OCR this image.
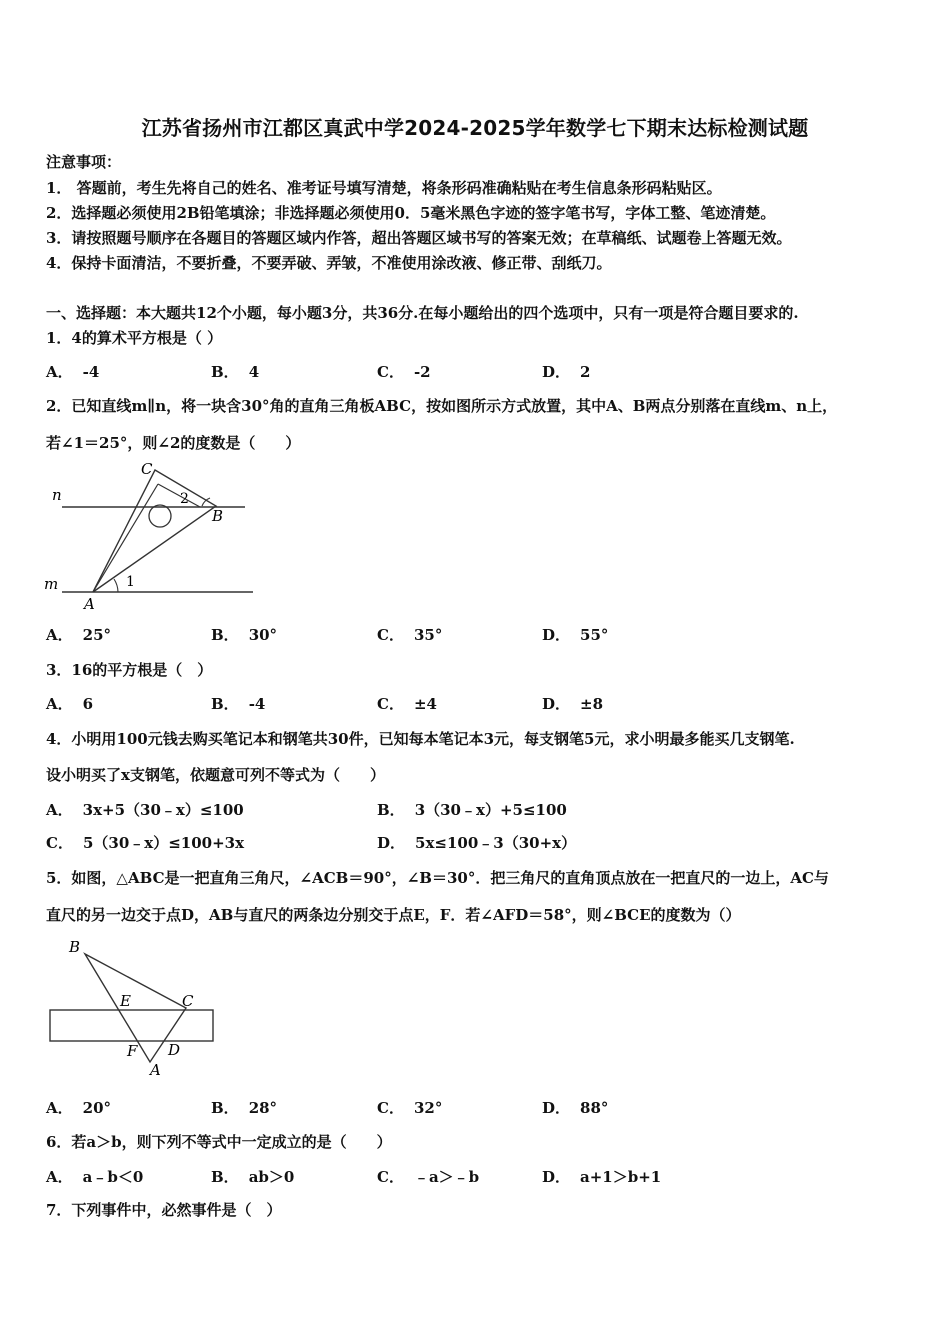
江苏省扬州市江都区真武中学2024-2025学年数学七下期末达标检测试题
注意事项：
1． 答题前，考生先将自己的姓名、准考证号填写清楚，将条形码准确粘贴在考生信息条形码粘贴区。
2．选择题必须使用2B铅笔填涂；非选择题必须使用0．5毫米黑色字迹的签字笔书写，字体工整、笔迹清楚。
3．请按照题号顺序在各题目的答题区域内作答，超出答题区域书写的答案无效；在草稿纸、试题卷上答题无效。
4．保持卡面清洁，不要折叠，不要弄破、弄皱，不准使用涂改液、修正带、刮纸刀。
一、选择题：本大题共12个小题，每小题3分，共36分.在每小题给出的四个选项中，只有一项是符合题目要求的.
1．4的算术平方根是（ ）
A． -4	B． 4	C． -2	D． 2
2．已知直线m∥n，将一块含30°角的直角三角板ABC，按如图所示方式放置，其中A、B两点分别落在直线m、n上，
若∠1＝25°，则∠2的度数是（　　）
C
n	2
B
m	1
A
A． 25°	B． 30°	C． 35°	D． 55°
3．16的平方根是（　）
A． 6	B． -4	C． ±4	D． ±8
4．小明用100元钱去购买笔记本和钢笔共30件，已知每本笔记本3元，每支钢笔5元，求小明最多能买几支钢笔.
设小明买了x支钢笔，依题意可列不等式为（　　）
A． 3x+5（30﹣x）≤100	B． 3（30﹣x）+5≤100
C． 5（30﹣x）≤100+3x	D． 5x≤100﹣3（30+x）
5．如图，△ABC是一把直角三角尺，∠ACB＝90°，∠B＝30°．把三角尺的直角顶点放在一把直尺的一边上，AC与
直尺的另一边交于点D，AB与直尺的两条边分别交于点E，F．若∠AFD＝58°，则∠BCE的度数为（）
B
E	C
F D
A
A． 20°	B． 28°	C． 32°	D． 88°
6．若a＞b，则下列不等式中一定成立的是（　　）
A． a﹣b＜0	B． ab＞0	C． ﹣a＞﹣b	D． a+1＞b+1
7．下列事件中，必然事件是（　）
